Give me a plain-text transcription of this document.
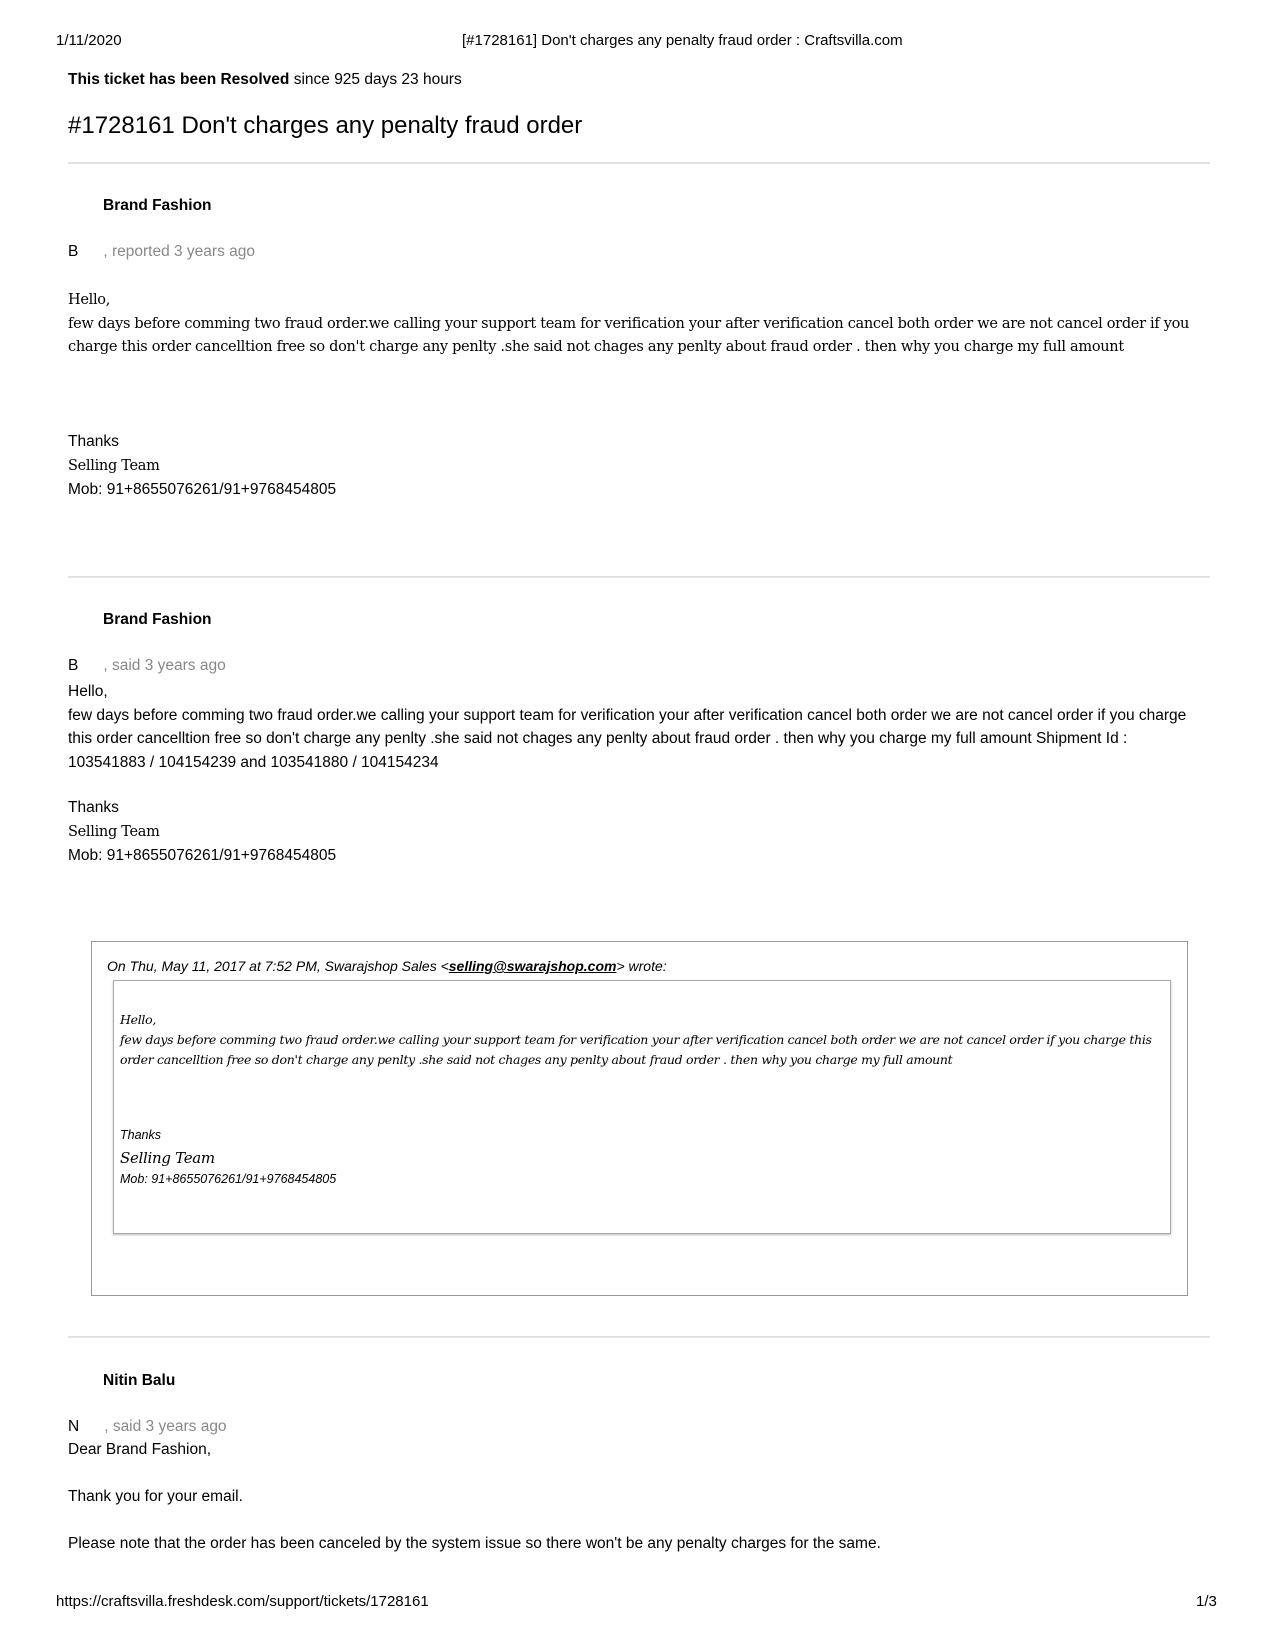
1/11/2020	[#1728161] Don't charges any penalty fraud order : Craftsvilla.com
This ticket has been Resolved since 925 days 23 hours
#1728161 Don't charges any penalty fraud order
Brand Fashion
B , reported 3 years ago
Hello,
few days before comming two fraud order.we calling your support team for verification your after verification cancel both order we are not cancel order if you charge this order cancelltion free so don't charge any penlty .she said not chages any penlty about fraud order . then why you charge my full amount
Thanks
Selling Team
Mob: 91+8655076261/91+9768454805
Brand Fashion
B , said 3 years ago
Hello,
few days before comming two fraud order.we calling your support team for verification your after verification cancel both order we are not cancel order if you charge this order cancelltion free so don't charge any penlty .she said not chages any penlty about fraud order . then why you charge my full amount Shipment Id : 103541883 / 104154239 and 103541880 / 104154234
Thanks
Selling Team
Mob: 91+8655076261/91+9768454805
On Thu, May 11, 2017 at 7:52 PM, Swarajshop Sales <selling@swarajshop.com> wrote:
Hello,
few days before comming two fraud order.we calling your support team for verification your after verification cancel both order we are not cancel order if you charge this order cancelltion free so don't charge any penlty .she said not chages any penlty about fraud order . then why you charge my full amount
Thanks
Selling Team
Mob: 91+8655076261/91+9768454805
Nitin Balu
N , said 3 years ago
Dear Brand Fashion,
Thank you for your email.
Please note that the order has been canceled by the system issue so there won't be any penalty charges for the same.
https://craftsvilla.freshdesk.com/support/tickets/1728161	1/3
